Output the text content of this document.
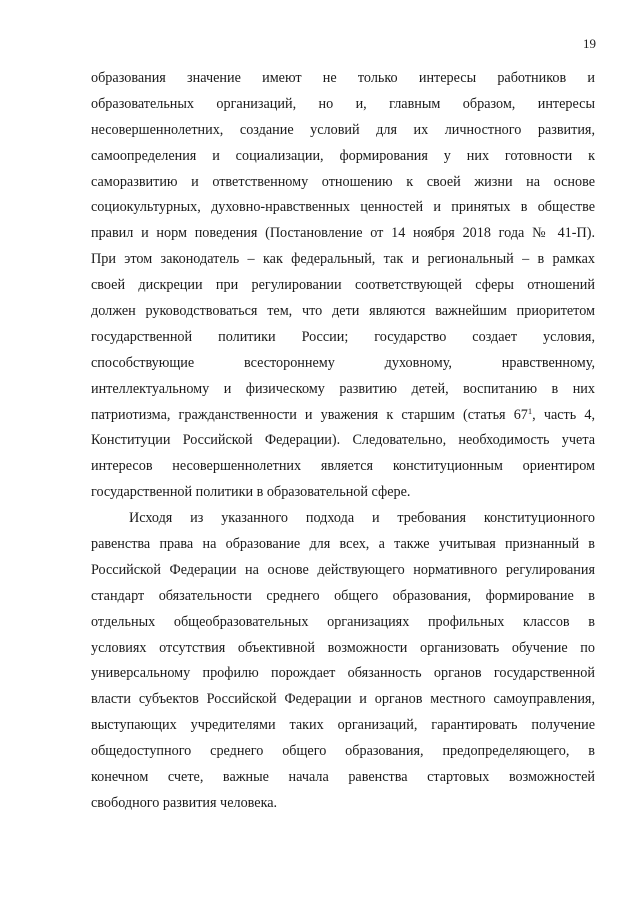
19
образования значение имеют не только интересы работников и
образовательных организаций, но и, главным образом, интересы
несовершеннолетних, создание условий для их личностного развития,
самоопределения и социализации, формирования у них готовности к
саморазвитию и ответственному отношению к своей жизни на основе
социокультурных, духовно-нравственных ценностей и принятых в обществе
правил и норм поведения (Постановление от 14 ноября 2018 года № 41-П).
При этом законодатель – как федеральный, так и региональный – в рамках
своей дискреции при регулировании соответствующей сферы отношений
должен руководствоваться тем, что дети являются важнейшим приоритетом
государственной политики России; государство создает условия,
способствующие всестороннему духовному, нравственному,
интеллектуальному и физическому развитию детей, воспитанию в них
патриотизма, гражданственности и уважения к старшим (статья 67$^1$, часть 4,
Конституции Российской Федерации). Следовательно, необходимость учета
интересов несовершеннолетних является конституционным ориентиром
государственной политики в образовательной сфере.
Исходя из указанного подхода и требования конституционного
равенства права на образование для всех, а также учитывая признанный в
Российской Федерации на основе действующего нормативного регулирования
стандарт обязательности среднего общего образования, формирование в
отдельных общеобразовательных организациях профильных классов в
условиях отсутствия объективной возможности организовать обучение по
универсальному профилю порождает обязанность органов государственной
власти субъектов Российской Федерации и органов местного самоуправления,
выступающих учредителями таких организаций, гарантировать получение
общедоступного среднего общего образования, предопределяющего, в
конечном счете, важные начала равенства стартовых возможностей
свободного развития человека.
